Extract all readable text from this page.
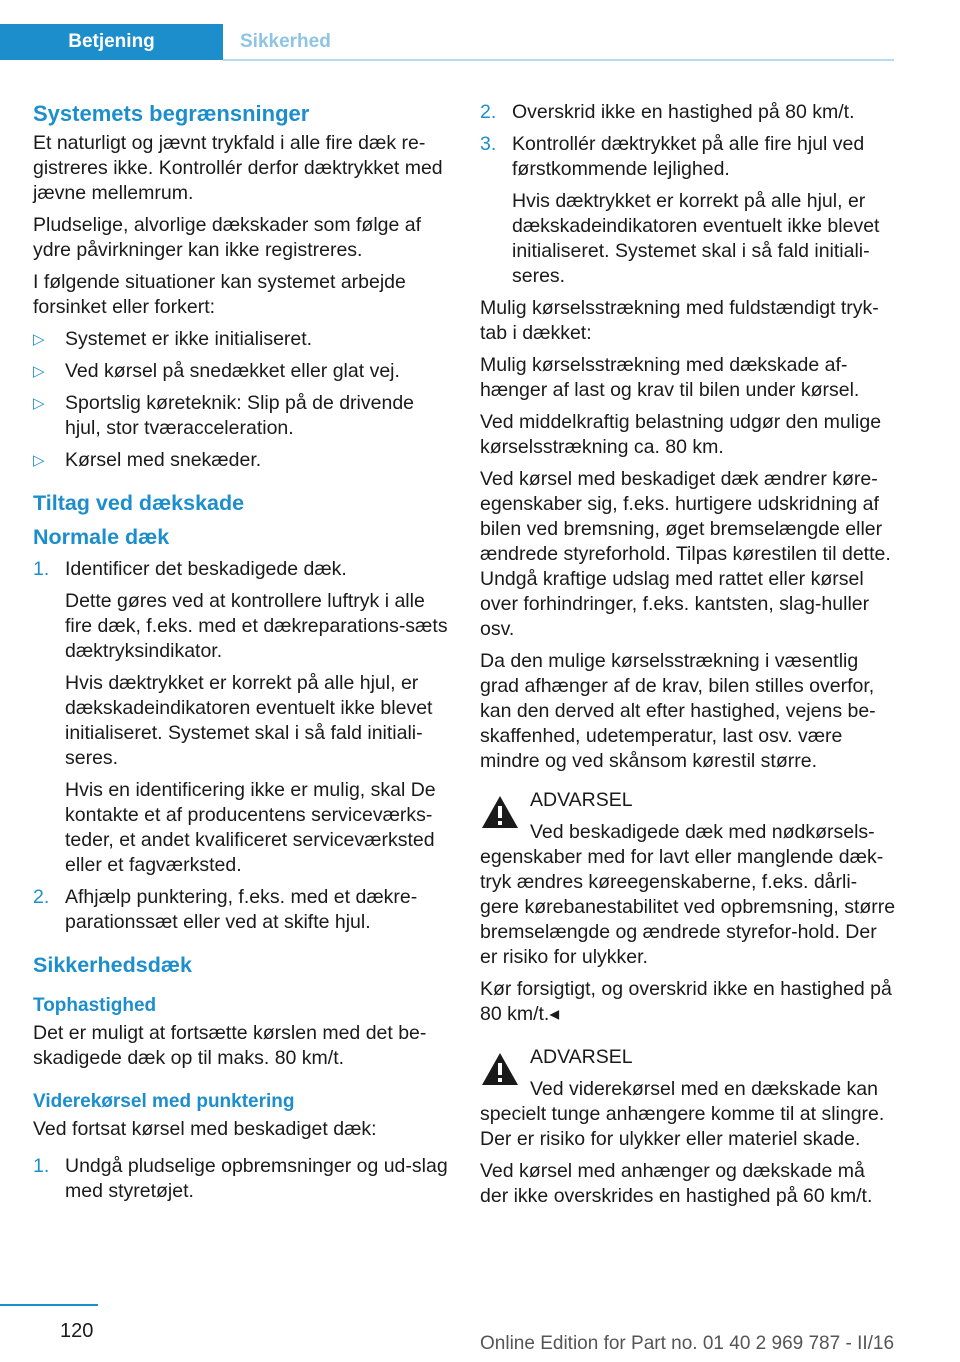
Betjening	Sikkerhed
Systemets begrænsninger

Et naturligt og jævnt trykfald i alle fire dæk re-gistreres ikke. Kontrollér derfor dæktrykket med jævne mellemrum.

Pludselige, alvorlige dækskader som følge af ydre påvirkninger kan ikke registreres.

I følgende situationer kan systemet arbejde forsinket eller forkert:

▷ Systemet er ikke initialiseret.
▷ Ved kørsel på snedækket eller glat vej.
▷ Sportslig køreteknik: Slip på de drivende hjul, stor tværacceleration.
▷ Kørsel med snekæder.
Tiltag ved dækskade
Normale dæk
1. Identificer det beskadigede dæk.

Dette gøres ved at kontrollere luftryk i alle fire dæk, f.eks. med et dækreparations-sæts dæktryksindikator.

Hvis dæktrykket er korrekt på alle hjul, er dækskadeindikatoren eventuelt ikke blevet initialiseret. Systemet skal i så fald initiali-seres.

Hvis en identificering ikke er mulig, skal De kontakte et af producentens serviceværks-teder, et andet kvalificeret serviceværksted eller et fagværksted.

2. Afhjælp punktering, f.eks. med et dækre-parationssæt eller ved at skifte hjul.
Sikkerhedsdæk
Tophastighed

Det er muligt at fortsætte kørslen med det be-skadigede dæk op til maks. 80 km/t.

Viderekørsel med punktering

Ved fortsat kørsel med beskadiget dæk:

1. Undgå pludselige opbremsninger og ud-slag med styretøjet.
2. Overskrid ikke en hastighed på 80 km/t.
3. Kontrollér dæktrykket på alle fire hjul ved førstkommende lejlighed.

Hvis dæktrykket er korrekt på alle hjul, er dækskadeindikatoren eventuelt ikke blevet initialiseret. Systemet skal i så fald initiali-seres.

Mulig kørselsstrækning med fuldstændigt tryk-tab i dækket:

Mulig kørselsstrækning med dækskade af-hænger af last og krav til bilen under kørsel.

Ved middelkraftig belastning udgør den mulige kørselsstrækning ca. 80 km.

Ved kørsel med beskadiget dæk ændrer køre-egenskaber sig, f.eks. hurtigere udskridning af bilen ved bremsning, øget bremselængde eller ændrede styreforhold. Tilpas kørestilen til dette. Undgå kraftige udslag med rattet eller kørsel over forhindringer, f.eks. kantsten, slag-huller osv.

Da den mulige kørselsstrækning i væsentlig grad afhænger af de krav, bilen stilles overfor, kan den derved alt efter hastighed, vejens be-skaffenhed, udetemperatur, last osv. være mindre og ved skånsom kørestil større.

ADVARSEL

Ved beskadigede dæk med nødkørsels-egenskaber med for lavt eller manglende dæk-tryk ændres køreegenskaberne, f.eks. dårli-gere kørebanestabilitet ved opbremsning, større bremselængde og ændrede styrefor-hold. Der er risiko for ulykker.

Kør forsigtigt, og overskrid ikke en hastighed på 80 km/t.◂

ADVARSEL

Ved viderekørsel med en dækskade kan specielt tunge anhængere komme til at slingre. Der er risiko for ulykker eller materiel skade.

Ved kørsel med anhænger og dækskade må der ikke overskrides en hastighed på 60 km/t.

120
Online Edition for Part no. 01 40 2 969 787 - II/16
